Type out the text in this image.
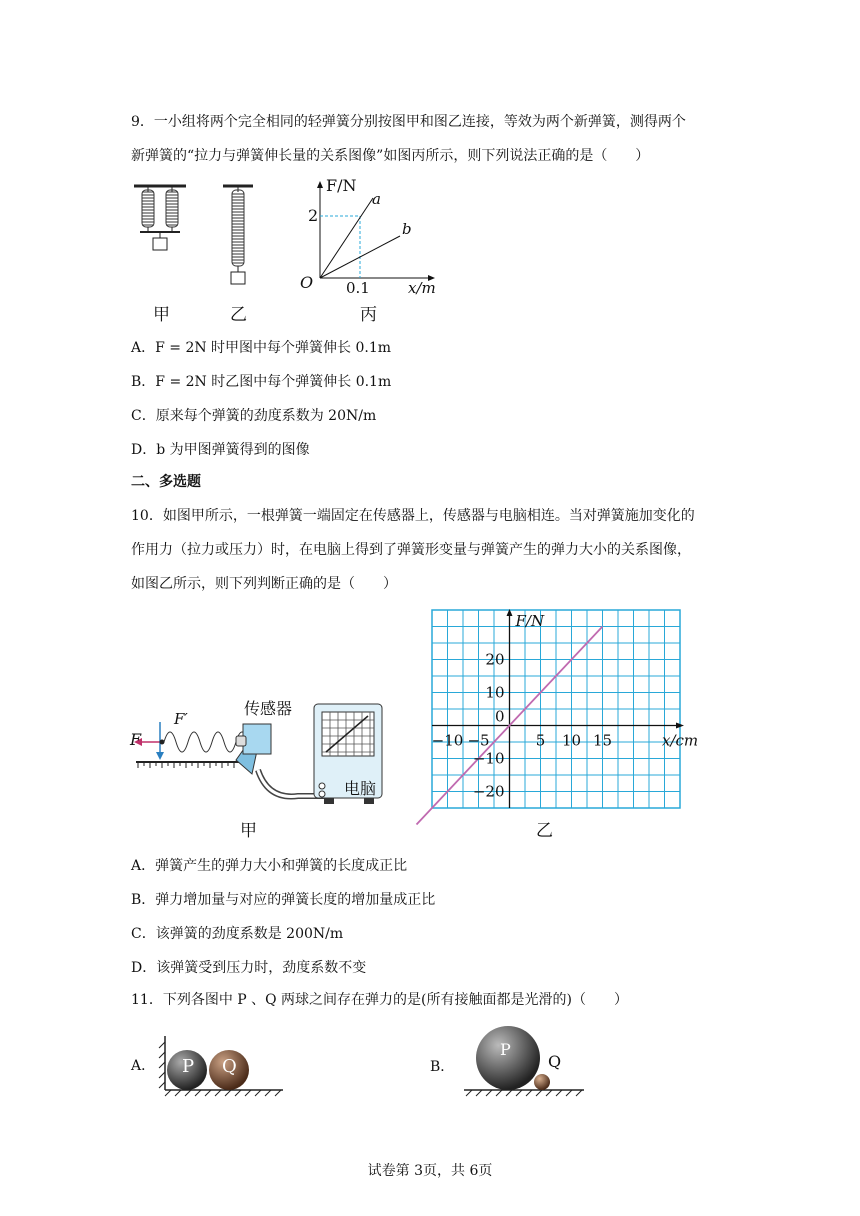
9．一小组将两个完全相同的轻弹簧分别按图甲和图乙连接，等效为两个新弹簧，测得两个
新弹簧的“拉力与弹簧伸长量的关系图像”如图丙所示，则下列说法正确的是（　　）
F/N
2
O 0.1	x/m
a
b
甲	乙	丙
A．F = 2N 时甲图中每个弹簧伸长 0.1m
B．F = 2N 时乙图中每个弹簧伸长 0.1m
C．原来每个弹簧的劲度系数为 20N/m
D．b 为甲图弹簧得到的图像
二、多选题
10．如图甲所示，一根弹簧一端固定在传感器上，传感器与电脑相连。当对弹簧施加变化的
作用力（拉力或压力）时，在电脑上得到了弹簧形变量与弹簧产生的弹力大小的关系图像，
如图乙所示，则下列判断正确的是（　　）
传感器
电脑
F
F′
甲
−10 −5	5 10 15
20
10
0
−10
−20
F/N
x/cm
乙
A．弹簧产生的弹力大小和弹簧的长度成正比
B．弹力增加量与对应的弹簧长度的增加量成正比
C．该弹簧的劲度系数是 200N/m
D．该弹簧受到压力时，劲度系数不变
11．下列各图中 P 、Q 两球之间存在弹力的是(所有接触面都是光滑的)（　　）
A． P Q	B．
P
Q
试卷第 3页，共 6页
